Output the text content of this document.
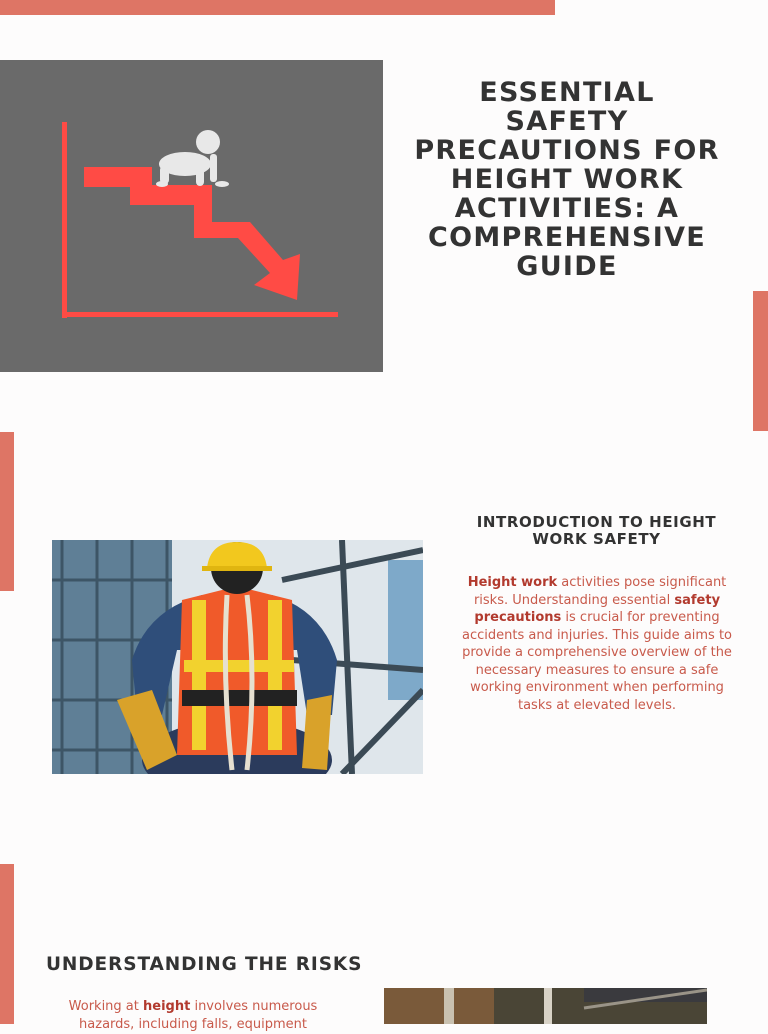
ESSENTIAL SAFETY PRECAUTIONS FOR HEIGHT WORK ACTIVITIES: A COMPREHENSIVE GUIDE
INTRODUCTION TO HEIGHT WORK SAFETY
Height work activities pose significant risks. Understanding essential safety precautions is crucial for preventing accidents and injuries. This guide aims to provide a comprehensive overview of the necessary measures to ensure a safe working environment when performing tasks at elevated levels.
UNDERSTANDING THE RISKS
Working at height involves numerous hazards, including falls, equipment
